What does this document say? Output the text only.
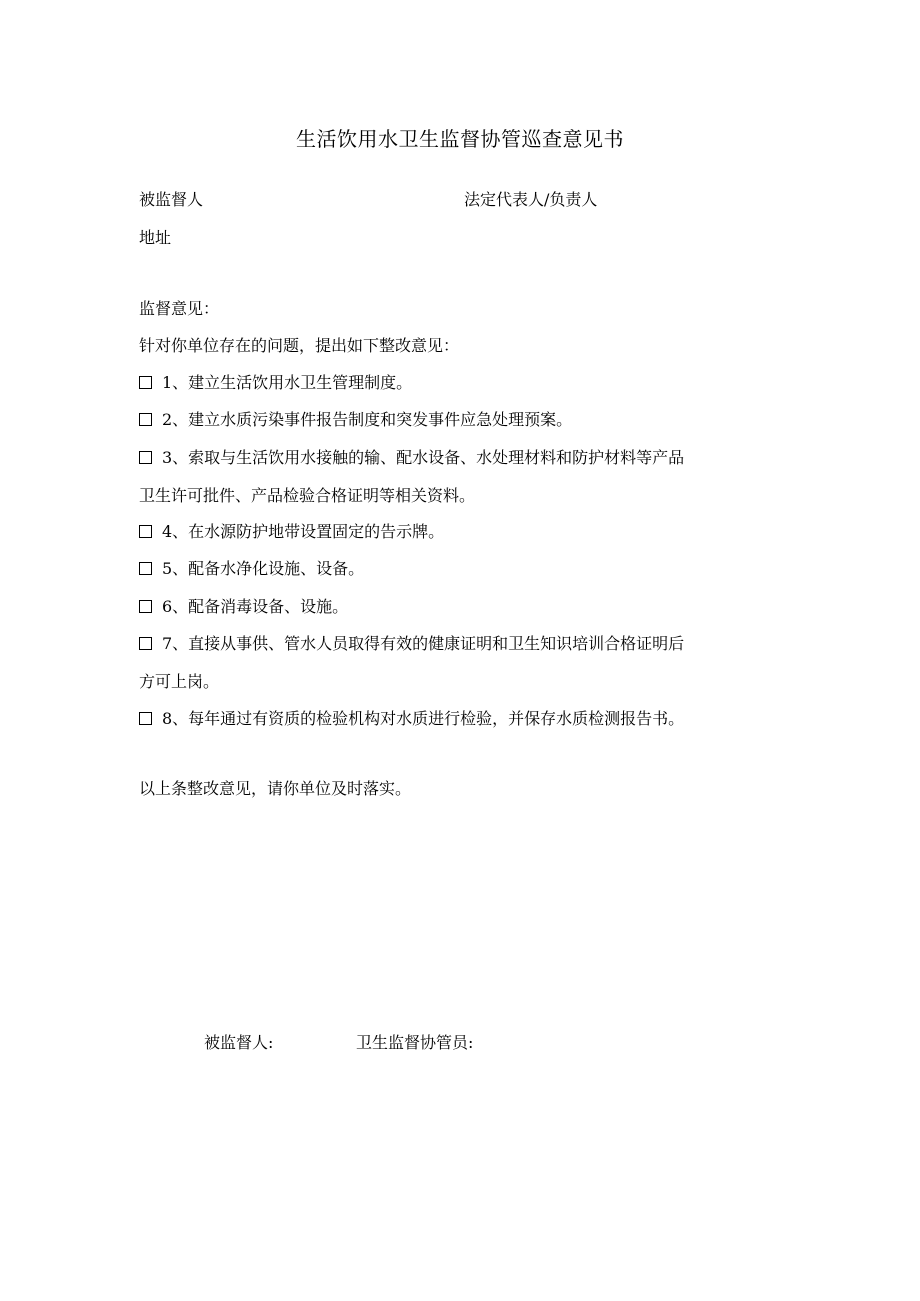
生活饮用水卫生监督协管巡查意见书
被监督人	法定代表人/负责人
地址
监督意见：
针对你单位存在的问题，提出如下整改意见：
1、建立生活饮用水卫生管理制度。
2、建立水质污染事件报告制度和突发事件应急处理预案。
3、索取与生活饮用水接触的输、配水设备、水处理材料和防护材料等产品
卫生许可批件、产品检验合格证明等相关资料。
4、在水源防护地带设置固定的告示牌。
5、配备水净化设施、设备。
6、配备消毒设备、设施。
7、直接从事供、管水人员取得有效的健康证明和卫生知识培训合格证明后
方可上岗。
8、每年通过有资质的检验机构对水质进行检验，并保存水质检测报告书。
以上条整改意见，请你单位及时落实。
被监督人:	卫生监督协管员:
